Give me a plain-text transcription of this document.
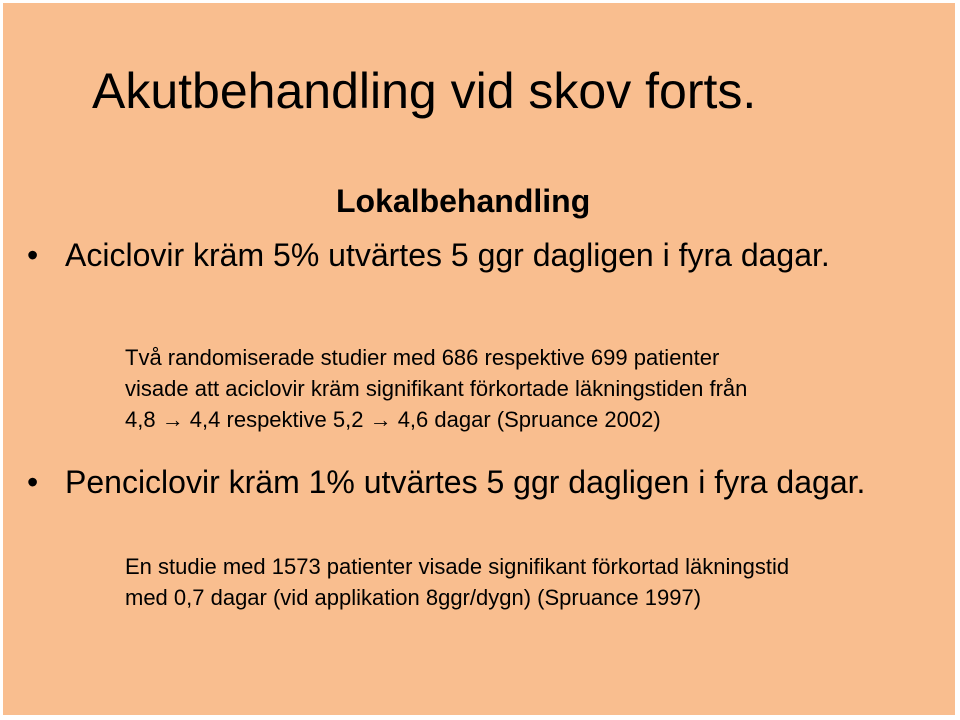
Akutbehandling vid skov forts.
Lokalbehandling
• Aciclovir kräm 5% utvärtes 5 ggr dagligen i fyra dagar.
Två randomiserade studier med 686 respektive 699 patienter
visade att aciclovir kräm signifikant förkortade läkningstiden från
4,8 → 4,4 respektive 5,2 → 4,6 dagar (Spruance 2002)
• Penciclovir kräm 1% utvärtes 5 ggr dagligen i fyra dagar.
En studie med 1573 patienter visade signifikant förkortad läkningstid
med 0,7 dagar (vid applikation 8ggr/dygn) (Spruance 1997)
